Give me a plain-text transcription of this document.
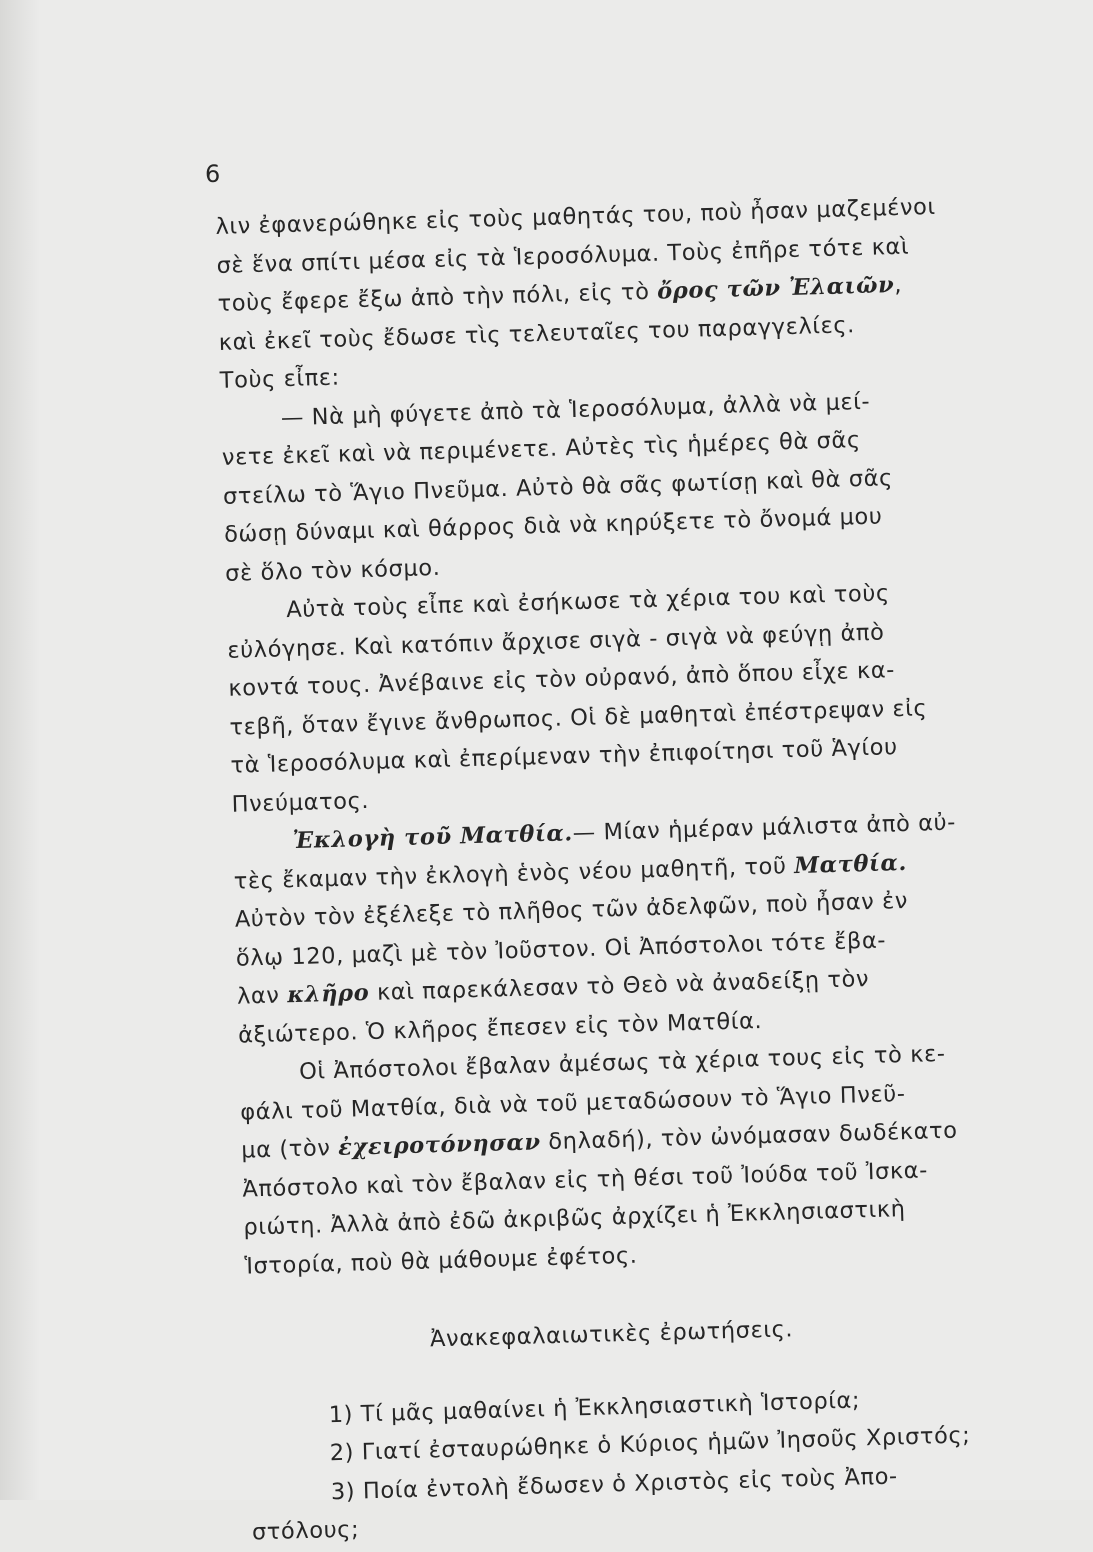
6
λιν ἐφανερώθηκε εἰς τοὺς μαθητάς του, ποὺ ἦσαν μαζεμένοι
σὲ ἕνα σπίτι μέσα εἰς τὰ Ἱεροσόλυμα. Τοὺς ἐπῆρε τότε καὶ
τοὺς ἔφερε ἔξω ἀπὸ τὴν πόλι, εἰς τὸ ὄρος τῶν Ἐλαιῶν,
καὶ ἐκεῖ τοὺς ἔδωσε τὶς τελευταῖες του παραγγελίες.
Τοὺς εἶπε:
— Νὰ μὴ φύγετε ἀπὸ τὰ Ἱεροσόλυμα, ἀλλὰ νὰ μεί-
νετε ἐκεῖ καὶ νὰ περιμένετε. Αὐτὲς τὶς ἡμέρες θὰ σᾶς
στείλω τὸ Ἅγιο Πνεῦμα. Αὐτὸ θὰ σᾶς φωτίσῃ καὶ θὰ σᾶς
δώσῃ δύναμι καὶ θάρρος διὰ νὰ κηρύξετε τὸ ὄνομά μου
σὲ ὅλο τὸν κόσμο.
Αὐτὰ τοὺς εἶπε καὶ ἐσήκωσε τὰ χέρια του καὶ τοὺς
εὐλόγησε. Καὶ κατόπιν ἄρχισε σιγὰ - σιγὰ νὰ φεύγῃ ἀπὸ
κοντά τους. Ἀνέβαινε εἰς τὸν οὐρανό, ἀπὸ ὅπου εἶχε κα-
τεβῆ, ὅταν ἔγινε ἄνθρωπος. Οἱ δὲ μαθηταὶ ἐπέστρεψαν εἰς
τὰ Ἱεροσόλυμα καὶ ἐπερίμεναν τὴν ἐπιφοίτησι τοῦ Ἁγίου
Πνεύματος.
Ἐκλογὴ τοῦ Ματθία.— Μίαν ἡμέραν μάλιστα ἀπὸ αὐ-
τὲς ἔκαμαν τὴν ἐκλογὴ ἑνὸς νέου μαθητῆ, τοῦ Ματθία.
Αὐτὸν τὸν ἐξέλεξε τὸ πλῆθος τῶν ἀδελφῶν, ποὺ ἦσαν ἐν
ὅλῳ 120, μαζὶ μὲ τὸν Ἰοῦστον. Οἱ Ἀπόστολοι τότε ἔβα-
λαν κλῆρο καὶ παρεκάλεσαν τὸ Θεὸ νὰ ἀναδείξῃ τὸν
ἀξιώτερο. Ὁ κλῆρος ἔπεσεν εἰς τὸν Ματθία.
Οἱ Ἀπόστολοι ἔβαλαν ἀμέσως τὰ χέρια τους εἰς τὸ κε-
φάλι τοῦ Ματθία, διὰ νὰ τοῦ μεταδώσουν τὸ Ἅγιο Πνεῦ-
μα (τὸν ἐχειροτόνησαν δηλαδή), τὸν ὠνόμασαν δωδέκατο
Ἀπόστολο καὶ τὸν ἔβαλαν εἰς τὴ θέσι τοῦ Ἰούδα τοῦ Ἰσκα-
ριώτη. Ἀλλὰ ἀπὸ ἐδῶ ἀκριβῶς ἀρχίζει ἡ Ἐκκλησιαστικὴ
Ἱστορία, ποὺ θὰ μάθουμε ἐφέτος.
Ἀνακεφαλαιωτικὲς ἐρωτήσεις.
1) Τί μᾶς μαθαίνει ἡ Ἐκκλησιαστικὴ Ἱστορία;
2) Γιατί ἐσταυρώθηκε ὁ Κύριος ἡμῶν Ἰησοῦς Χριστός;
3) Ποία ἐντολὴ ἔδωσεν ὁ Χριστὸς εἰς τοὺς Ἀπο-
στόλους;
